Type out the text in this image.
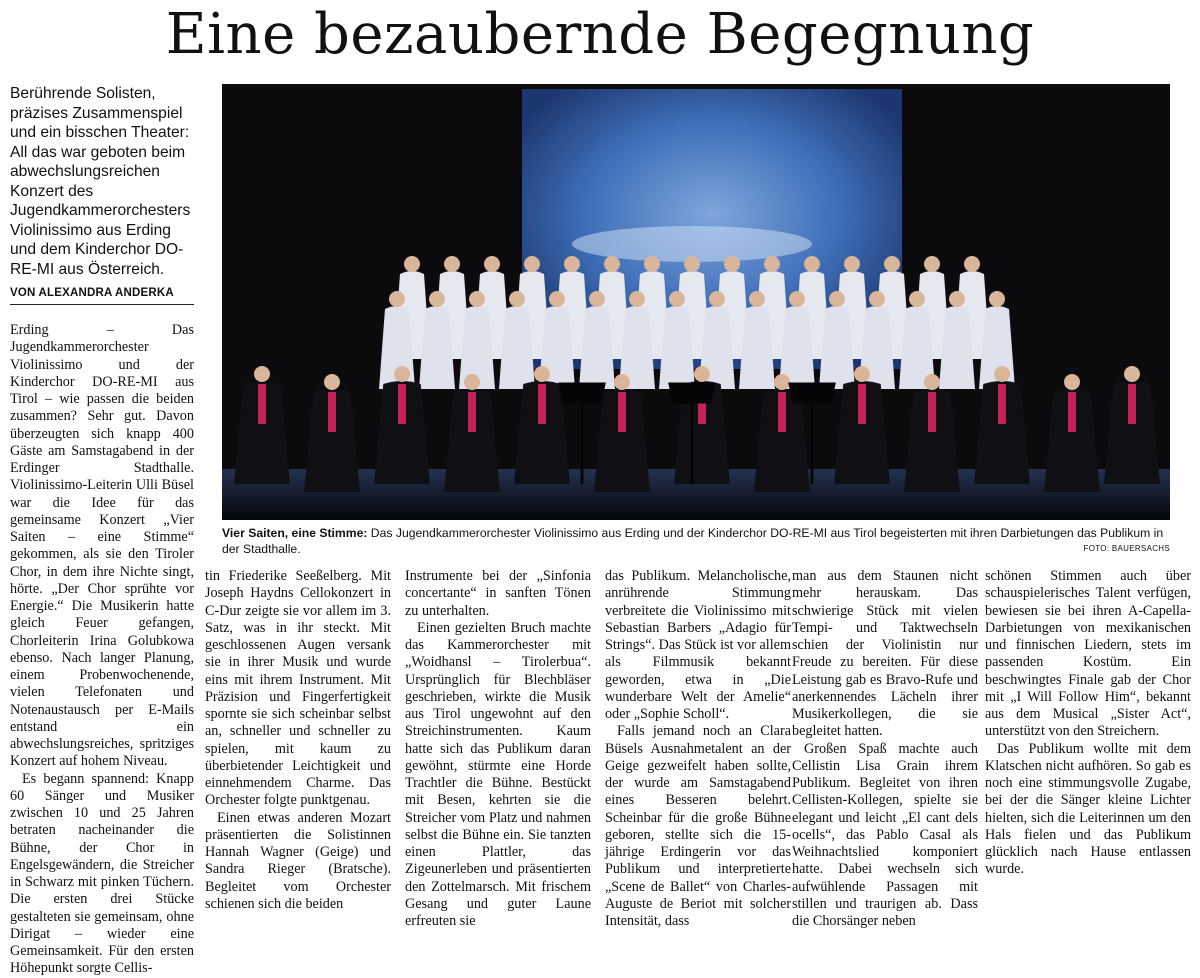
Eine bezaubernde Begegnung

Berührende Solisten, präzises Zusammenspiel und ein bisschen Theater: All das war geboten beim abwechslungsreichen Konzert des Jugendkammerorchesters Violinissimo aus Erding und dem Kinderchor DO-RE-MI aus Österreich.

VON ALEXANDRA ANDERKA

Vier Saiten, eine Stimme: Das Jugendkammerorchester Violinissimo aus Erding und der Kinderchor DO-RE-MI aus Tirol begeisterten mit ihren Darbietungen das Publikum in der Stadthalle.	FOTO: BAUERSACHS

Erding – Das Jugendkammerorchester Violinissimo und der Kinderchor DO-RE-MI aus Tirol – wie passen die beiden zusammen? Sehr gut. Davon überzeugten sich knapp 400 Gäste am Samstagabend in der Erdinger Stadthalle. Violinissimo-Leiterin Ulli Büsel war die Idee für das gemeinsame Konzert „Vier Saiten – eine Stimme“ gekommen, als sie den Tiroler Chor, in dem ihre Nichte singt, hörte. „Der Chor sprühte vor Energie.“ Die Musikerin hatte gleich Feuer gefangen, Chorleiterin Irina Golubkowa ebenso. Nach langer Planung, einem Probenwochenende, vielen Telefonaten und Notenaustausch per E-Mails entstand ein abwechslungsreiches, spritziges Konzert auf hohem Niveau.

Es begann spannend: Knapp 60 Sänger und Musiker zwischen 10 und 25 Jahren betraten nacheinander die Bühne, der Chor in Engelsgewändern, die Streicher in Schwarz mit pinken Tüchern. Die ersten drei Stücke gestalteten sie gemeinsam, ohne Dirigat – wieder eine Gemeinsamkeit. Für den ersten Höhepunkt sorgte Cellis-

tin Friederike Seeßelberg. Mit Joseph Haydns Cellokonzert in C-Dur zeigte sie vor allem im 3. Satz, was in ihr steckt. Mit geschlossenen Augen versank sie in ihrer Musik und wurde eins mit ihrem Instrument. Mit Präzision und Fingerfertigkeit spornte sie sich scheinbar selbst an, schneller und schneller zu spielen, mit kaum zu überbietender Leichtigkeit und einnehmendem Charme. Das Orchester folgte punktgenau.

Einen etwas anderen Mozart präsentierten die Solistinnen Hannah Wagner (Geige) und Sandra Rieger (Bratsche). Begleitet vom Orchester schienen sich die beiden

Instrumente bei der „Sinfonia concertante“ in sanften Tönen zu unterhalten.

Einen gezielten Bruch machte das Kammerorchester mit „Woidhansl – Tirolerbua“. Ursprünglich für Blechbläser geschrieben, wirkte die Musik aus Tirol ungewohnt auf den Streichinstrumenten. Kaum hatte sich das Publikum daran gewöhnt, stürmte eine Horde Trachtler die Bühne. Bestückt mit Besen, kehrten sie die Streicher vom Platz und nahmen selbst die Bühne ein. Sie tanzten einen Plattler, das Zigeunerleben und präsentierten den Zottelmarsch. Mit frischem Gesang und guter Laune erfreuten sie

das Publikum. Melancholische, anrührende Stimmung verbreitete die Violinissimo mit Sebastian Barbers „Adagio für Strings“. Das Stück ist vor allem als Filmmusik bekannt geworden, etwa in „Die wunderbare Welt der Amelie“ oder „Sophie Scholl“.

Falls jemand noch an Clara Büsels Ausnahmetalent an der Geige gezweifelt haben sollte, der wurde am Samstagabend eines Besseren belehrt. Scheinbar für die große Bühne geboren, stellte sich die 15-jährige Erdingerin vor das Publikum und interpretierte „Scene de Ballet“ von Charles-Auguste de Beriot mit solcher Intensität, dass

man aus dem Staunen nicht mehr herauskam. Das schwierige Stück mit vielen Tempi- und Taktwechseln schien der Violinistin nur Freude zu bereiten. Für diese Leistung gab es Bravo-Rufe und anerkennendes Lächeln ihrer Musikerkollegen, die sie begleitet hatten.

Großen Spaß machte auch Cellistin Lisa Grain ihrem Publikum. Begleitet von ihren Cellisten-Kollegen, spielte sie elegant und leicht „El cant dels ocells“, das Pablo Casal als Weihnachtslied komponiert hatte. Dabei wechseln sich aufwühlende Passagen mit stillen und traurigen ab. Dass die Chorsänger neben

schönen Stimmen auch über schauspielerisches Talent verfügen, bewiesen sie bei ihren A-Capella-Darbietungen von mexikanischen und finnischen Liedern, stets im passenden Kostüm. Ein beschwingtes Finale gab der Chor mit „I Will Follow Him“, bekannt aus dem Musical „Sister Act“, unterstützt von den Streichern.

Das Publikum wollte mit dem Klatschen nicht aufhören. So gab es noch eine stimmungsvolle Zugabe, bei der die Sänger kleine Lichter hielten, sich die Leiterinnen um den Hals fielen und das Publikum glücklich nach Hause entlassen wurde.
